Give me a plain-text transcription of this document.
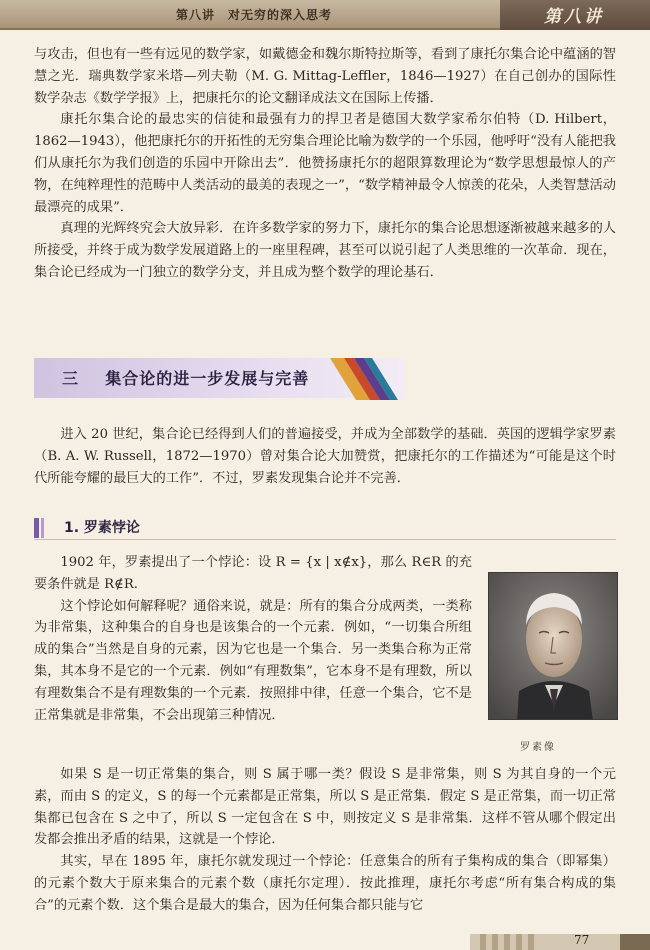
第八讲　对无穷的深入思考	第八讲

与攻击，但也有一些有远见的数学家，如戴德金和魏尔斯特拉斯等，看到了康托尔集合论中蕴涵的智慧之光．瑞典数学家米塔—列夫勒（M. G. Mittag-Leffler，1846—1927）在自己创办的国际性数学杂志《数学学报》上，把康托尔的论文翻译成法文在国际上传播．

康托尔集合论的最忠实的信徒和最强有力的捍卫者是德国大数学家希尔伯特（D. Hilbert，1862—1943），他把康托尔的开拓性的无穷集合理论比喻为数学的一个乐园，他呼吁“没有人能把我们从康托尔为我们创造的乐园中开除出去”．他赞扬康托尔的超限算数理论为“数学思想最惊人的产物，在纯粹理性的范畴中人类活动的最美的表现之一”，“数学精神最令人惊羡的花朵，人类智慧活动最漂亮的成果”．

真理的光辉终究会大放异彩．在许多数学家的努力下，康托尔的集合论思想逐渐被越来越多的人所接受，并终于成为数学发展道路上的一座里程碑，甚至可以说引起了人类思维的一次革命．现在，集合论已经成为一门独立的数学分支，并且成为整个数学的理论基石．

三 集合论的进一步发展与完善

进入 20 世纪，集合论已经得到人们的普遍接受，并成为全部数学的基础．英国的逻辑学家罗素（B. A. W. Russell，1872—1970）曾对集合论大加赞赏，把康托尔的工作描述为“可能是这个时代所能夸耀的最巨大的工作”．不过，罗素发现集合论并不完善．

1. 罗素悖论

1902 年，罗素提出了一个悖论：设 R = {x | x∉x}，那么 R∈R 的充要条件就是 R∉R.

这个悖论如何解释呢？通俗来说，就是：所有的集合分成两类，一类称为非常集，这种集合的自身也是该集合的一个元素．例如，“一切集合所组成的集合”当然是自身的元素，因为它也是一个集合．另一类集合称为正常集，其本身不是它的一个元素．例如“有理数集”，它本身不是有理数，所以有理数集合不是有理数集的一个元素．按照排中律，任意一个集合，它不是正常集就是非常集，不会出现第三种情况．

罗素像

如果 S 是一切正常集的集合，则 S 属于哪一类？假设 S 是非常集，则 S 为其自身的一个元素，而由 S 的定义，S 的每一个元素都是正常集，所以 S 是正常集．假定 S 是正常集，而一切正常集都已包含在 S 之中了，所以 S 一定包含在 S 中，则按定义 S 是非常集．这样不管从哪个假定出发都会推出矛盾的结果，这就是一个悖论．

其实，早在 1895 年，康托尔就发现过一个悖论：任意集合的所有子集构成的集合（即幂集）的元素个数大于原来集合的元素个数（康托尔定理）．按此推理，康托尔考虑“所有集合构成的集合”的元素个数．这个集合是最大的集合，因为任何集合都只能与它

77
